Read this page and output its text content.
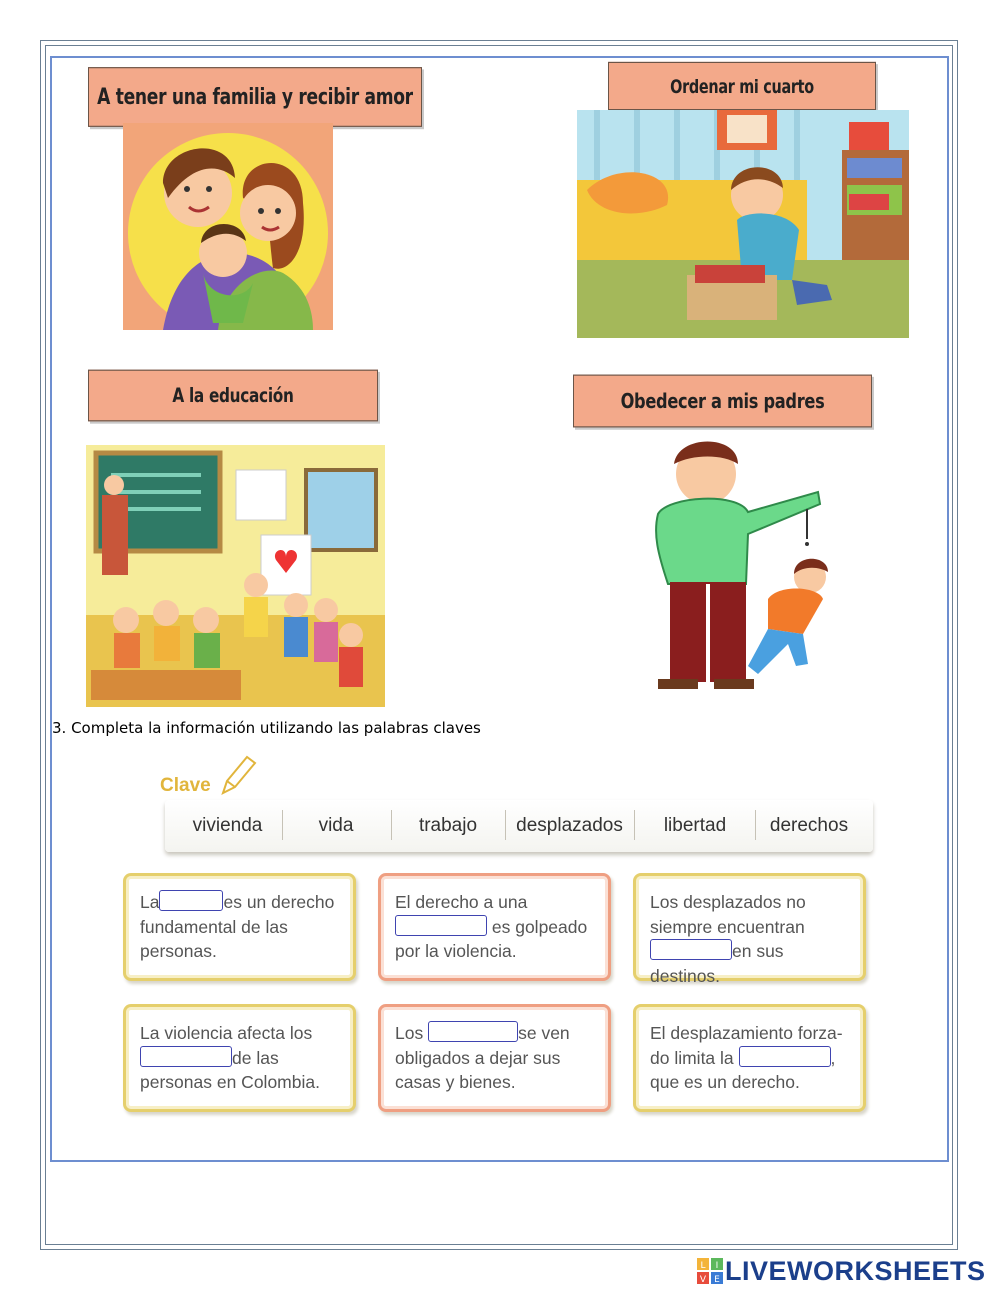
A tener una familia y recibir amor	Ordenar mi cuarto
A la educación	Obedecer a mis padres
3. Completa la información utilizando las palabras claves
Clave
vivienda	vida	trabajo	desplazados	libertad	derechos
La	es un derecho fundamental de las personas.
El derecho a una  es golpeado por la violencia.
Los desplazados no siempre encuentran en sus destinos.
La violencia afecta los de las personas en Colombia.
Los	se ven obligados a dejar sus casas y bienes.
El desplazamiento forza-do limita la	, que es un derecho.
L I
V E LIVEWORKSHEETS
